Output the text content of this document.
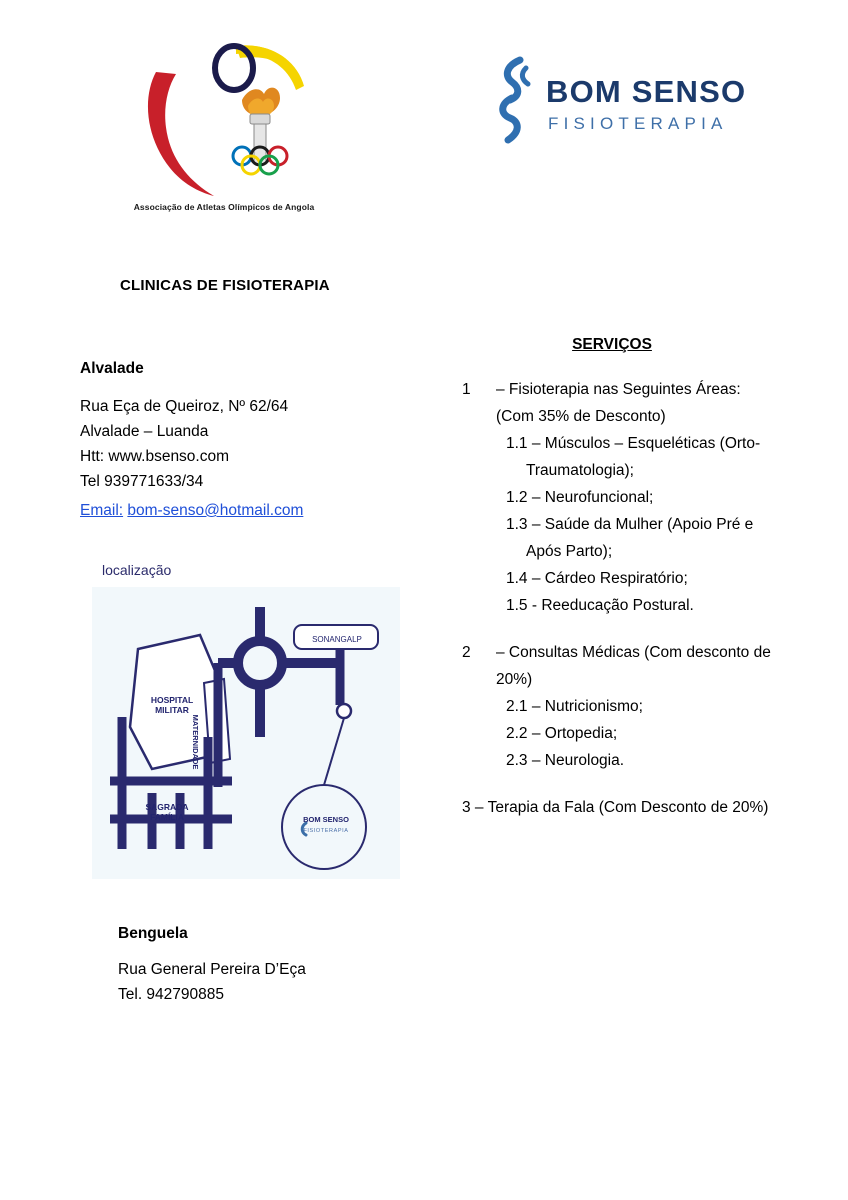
Associação de Atletas Olímpicos de Angola
BOM SENSO
FISIOTERAPIA
CLINICAS DE FISIOTERAPIA

Alvalade

Rua Eça de Queiroz, Nº 62/64

Alvalade – Luanda

Htt: www.bsenso.com

Tel 939771633/34

Email: bom-senso@hotmail.com

localização
HOSPITAL MILITAR
MATERNIDADE
SAGRADA FAMÍLIA
SONANGALP
BOM SENSO
FISIOTERAPIA

Benguela

Rua General Pereira D’Eça

Tel. 942790885

SERVIÇOS
1	– Fisioterapia nas Seguintes Áreas:
(Com 35% de Desconto)
1.1 – Músculos – Esqueléticas (Orto- Traumatologia);
1.2 – Neurofuncional;
1.3 – Saúde da Mulher (Apoio Pré e Após Parto);
1.4 – Cárdeo Respiratório;
1.5 - Reeducação Postural.
2	– Consultas Médicas (Com desconto de 20%)
2.1 – Nutricionismo;
2.2 – Ortopedia;
2.3 – Neurologia.
3 – Terapia da Fala (Com Desconto de 20%)
